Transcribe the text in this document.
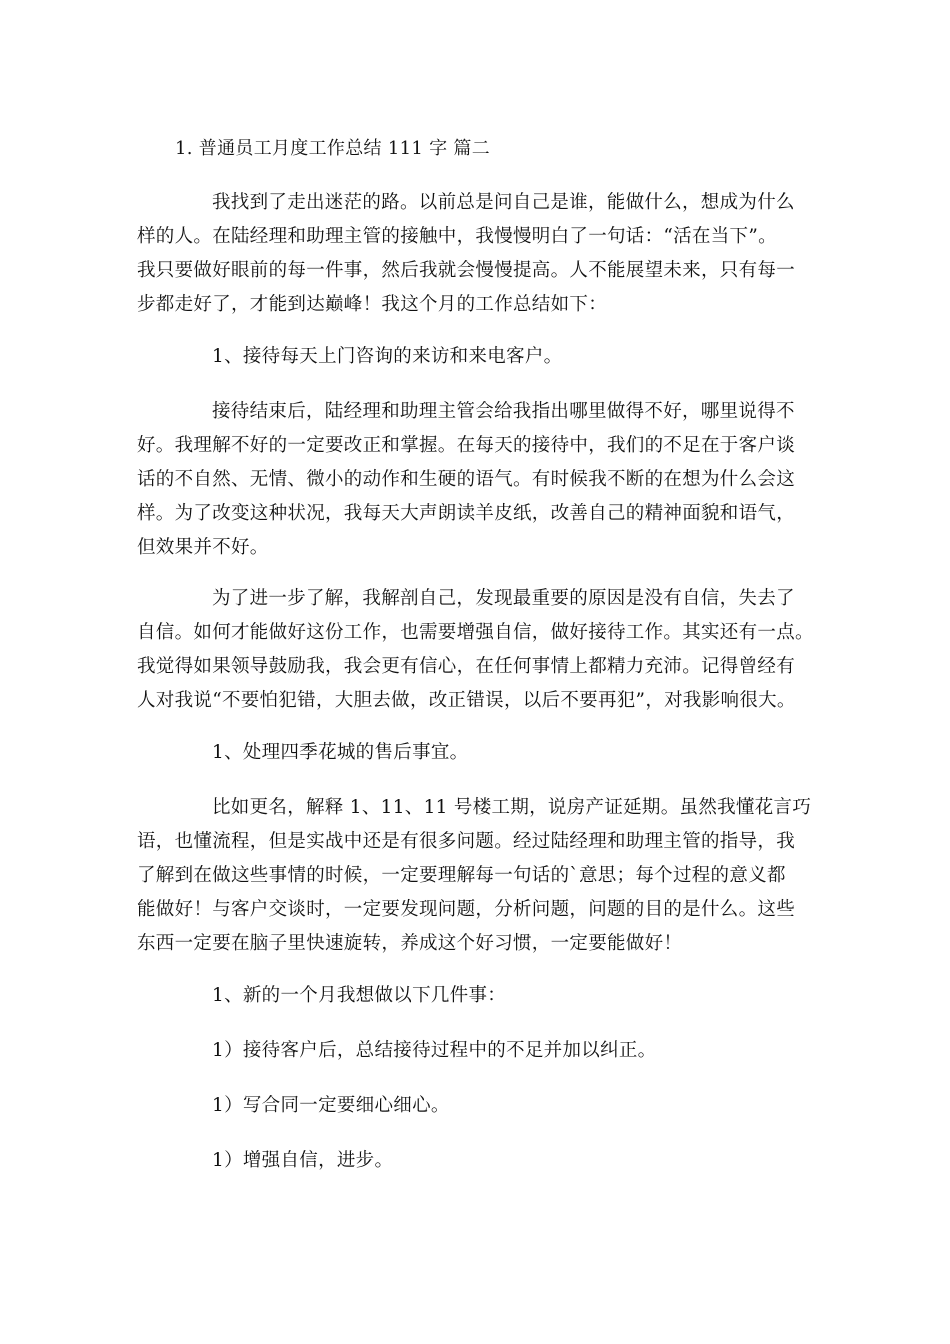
1. 普通员工月度工作总结 111 字 篇二
我找到了走出迷茫的路。以前总是问自己是谁，能做什么，想成为什么
样的人。在陆经理和助理主管的接触中，我慢慢明白了一句话：“活在当下”。
我只要做好眼前的每一件事，然后我就会慢慢提高。人不能展望未来，只有每一
步都走好了，才能到达巅峰！我这个月的工作总结如下：
1、接待每天上门咨询的来访和来电客户。
接待结束后，陆经理和助理主管会给我指出哪里做得不好，哪里说得不
好。我理解不好的一定要改正和掌握。在每天的接待中，我们的不足在于客户谈
话的不自然、无情、微小的动作和生硬的语气。有时候我不断的在想为什么会这
样。为了改变这种状况，我每天大声朗读羊皮纸，改善自己的精神面貌和语气，
但效果并不好。
为了进一步了解，我解剖自己，发现最重要的原因是没有自信，失去了
自信。如何才能做好这份工作，也需要增强自信，做好接待工作。其实还有一点。
我觉得如果领导鼓励我，我会更有信心，在任何事情上都精力充沛。记得曾经有
人对我说“不要怕犯错，大胆去做，改正错误，以后不要再犯”，对我影响很大。
1、处理四季花城的售后事宜。
比如更名，解释 1、11、11 号楼工期，说房产证延期。虽然我懂花言巧
语，也懂流程，但是实战中还是有很多问题。经过陆经理和助理主管的指导，我
了解到在做这些事情的时候，一定要理解每一句话的`意思；每个过程的意义都
能做好！与客户交谈时，一定要发现问题，分析问题，问题的目的是什么。这些
东西一定要在脑子里快速旋转，养成这个好习惯，一定要能做好！
1、新的一个月我想做以下几件事：
1）接待客户后，总结接待过程中的不足并加以纠正。
1）写合同一定要细心细心。
1）增强自信，进步。
